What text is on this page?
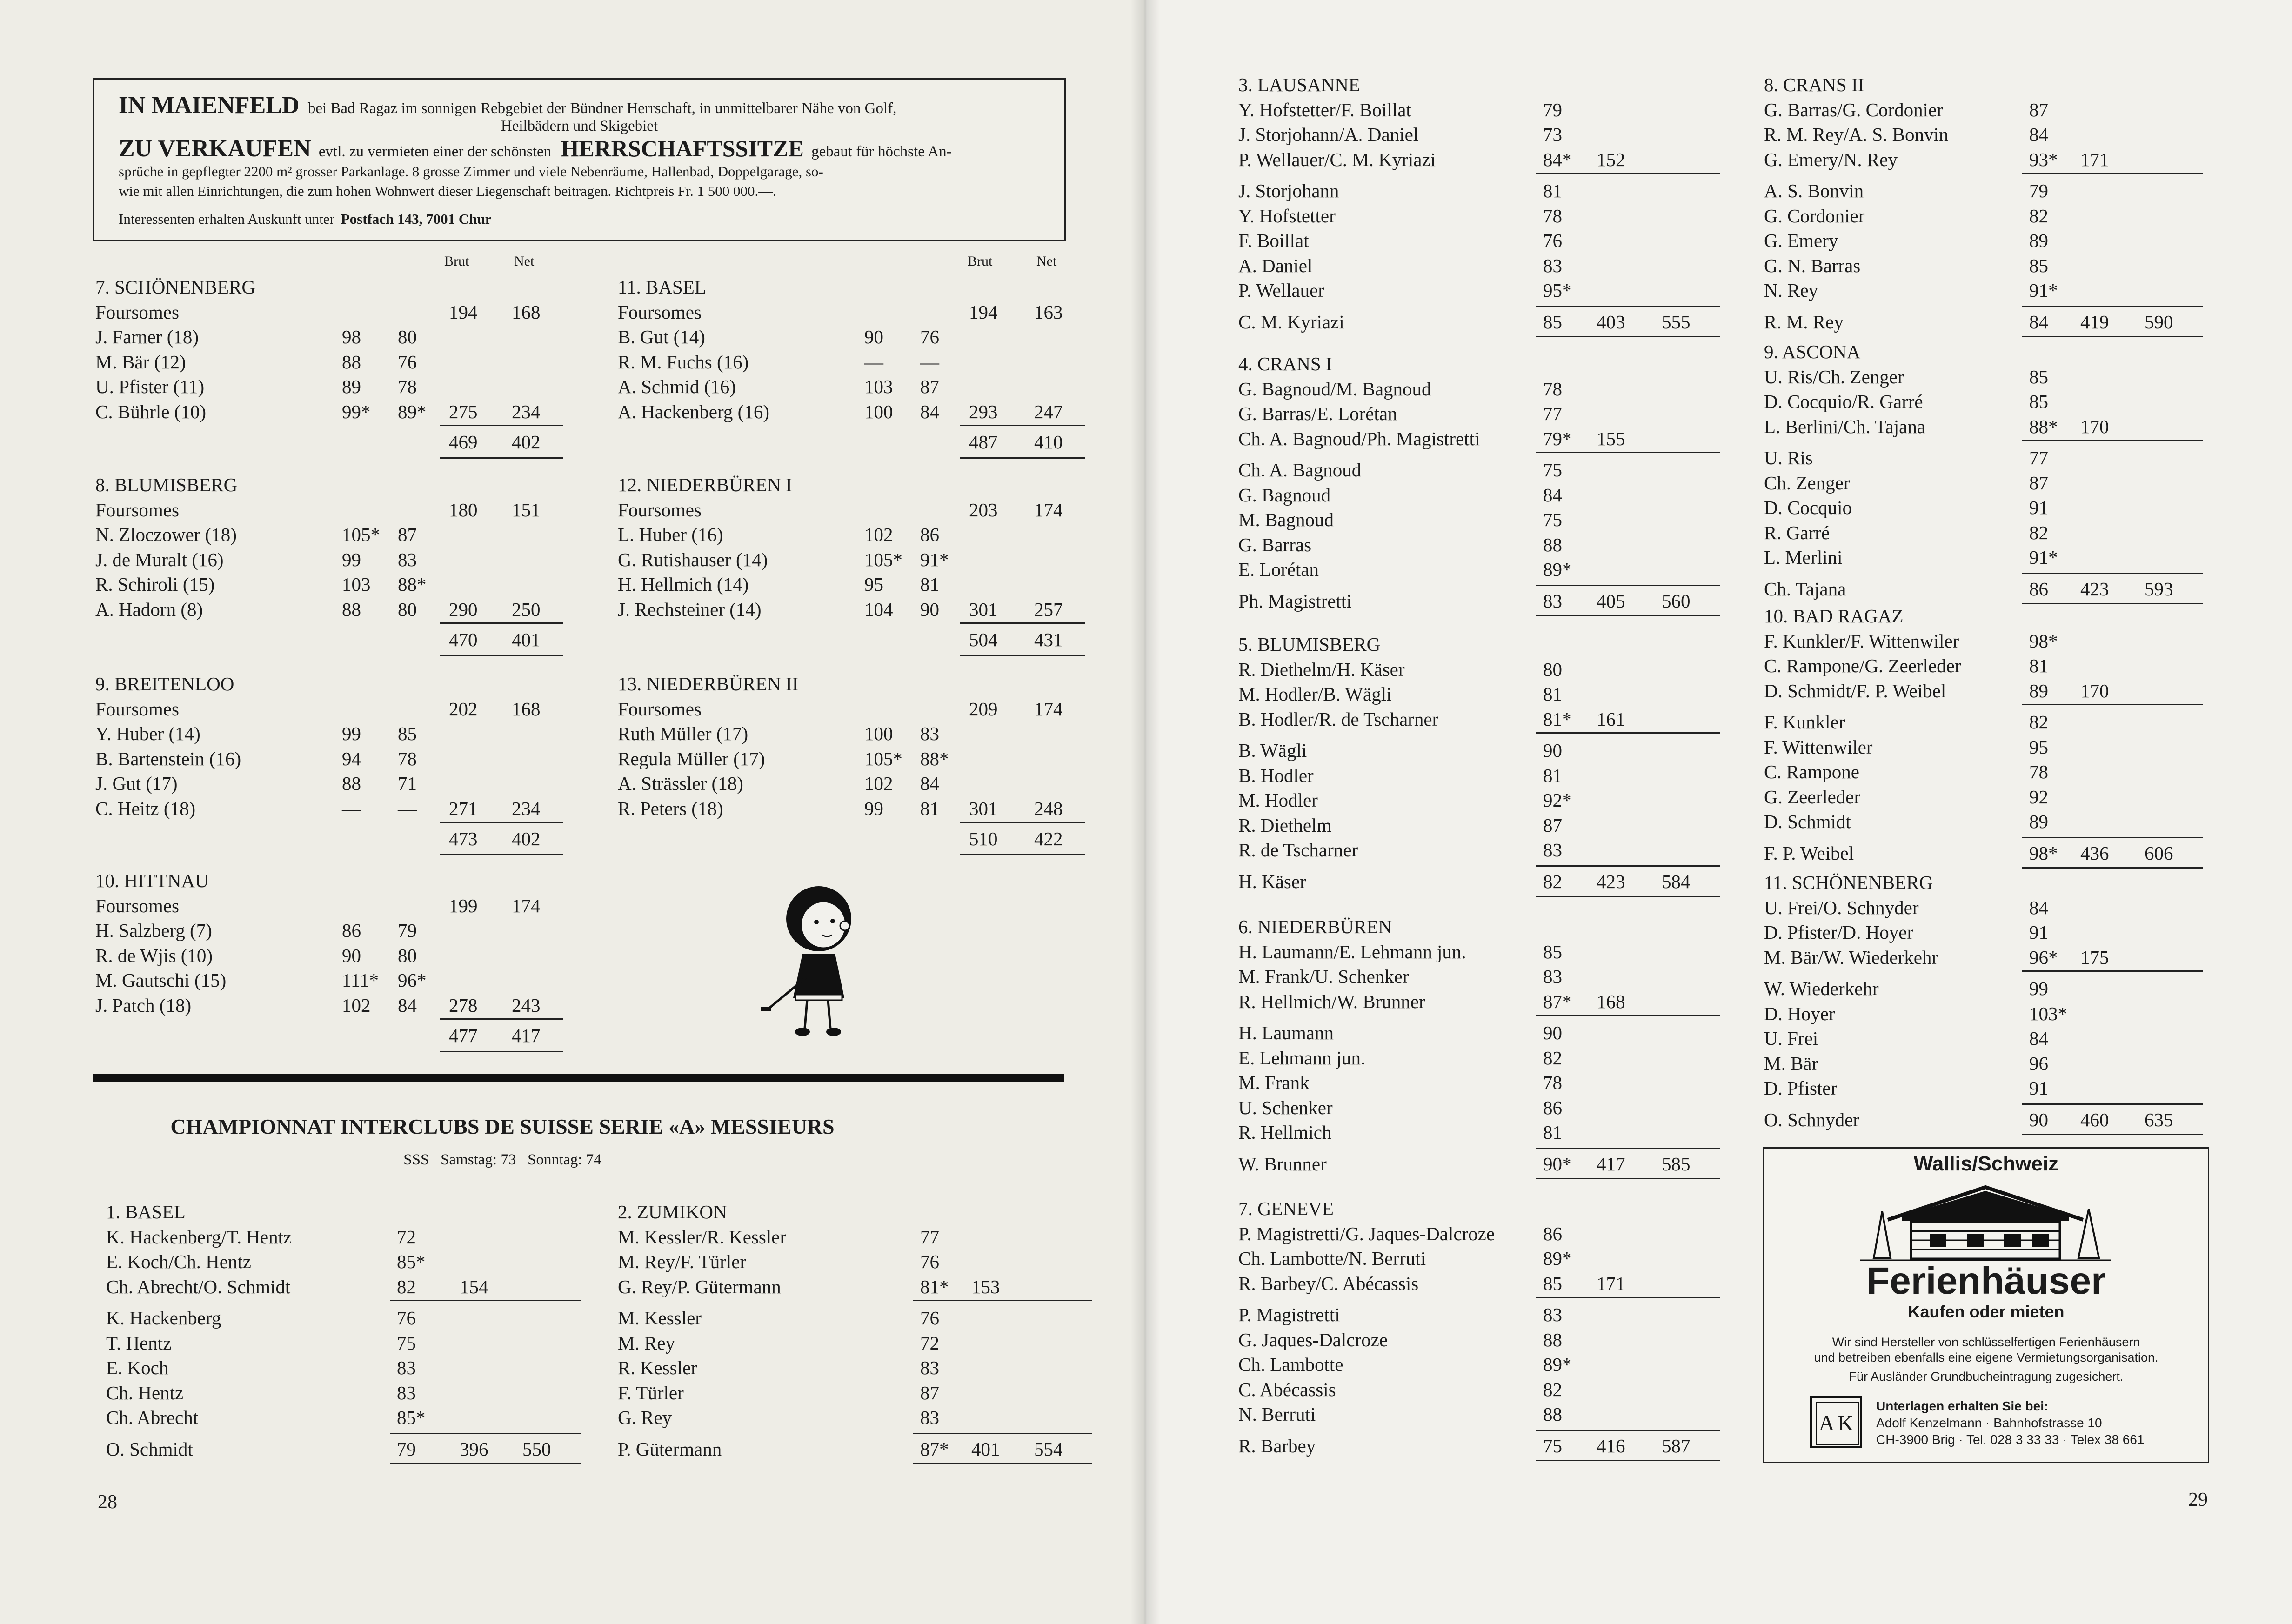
IN MAIENFELD bei Bad Ragaz im sonnigen Rebgebiet der Bündner Herrschaft, in unmittelbarer Nähe von Golf,
Heilbädern und Skigebiet
ZU VERKAUFEN evtl. zu vermieten einer der schönsten HERRSCHAFTSSITZE gebaut für höchste An-
sprüche in gepflegter 2200 m² grosser Parkanlage. 8 grosse Zimmer und viele Nebenräume, Hallenbad, Doppelgarage, so-
wie mit allen Einrichtungen, die zum hohen Wohnwert dieser Liegenschaft beitragen. Richtpreis Fr. 1 500 000.—.
Interessenten erhalten Auskunft unter Postfach 143, 7001 Chur
Brut	Net	Brut	Net
7. SCHÖNENBERG
Foursomes	194 168
J. Farner (18)	98 80
M. Bär (12)	88 76
U. Pfister (11)	89 78
C. Bührle (10)	99* 89* 275 234
469 402
8. BLUMISBERG
Foursomes	180 151
N. Zloczower (18)	105* 87
J. de Muralt (16)	99 83
R. Schiroli (15)	103 88*
A. Hadorn (8)	88 80 290 250
470 401
9. BREITENLOO
Foursomes	202 168
Y. Huber (14)	99 85
B. Bartenstein (16)	94 78
J. Gut (17)	88 71
C. Heitz (18)	— — 271 234
473 402
10. HITTNAU
Foursomes	199 174
H. Salzberg (7)	86 79
R. de Wjis (10)	90 80
M. Gautschi (15)	111* 96*
J. Patch (18)	102 84 278 243
477 417
11. BASEL
Foursomes	194 163
B. Gut (14)	90 76
R. M. Fuchs (16)	— —
A. Schmid (16)	103 87
A. Hackenberg (16)	100 84 293 247
487 410
12. NIEDERBÜREN I
Foursomes	203 174
L. Huber (16)	102 86
G. Rutishauser (14)	105* 91*
H. Hellmich (14)	95 81
J. Rechsteiner (14)	104 90 301 257
504 431
13. NIEDERBÜREN II
Foursomes	209 174
Ruth Müller (17)	100 83
Regula Müller (17)	105* 88*
A. Strässler (18)	102 84
R. Peters (18)	99 81 301 248
510 422
CHAMPIONNAT INTERCLUBS DE SUISSE SERIE «A» MESSIEURS
SSS   Samstag: 73   Sonntag: 74
1. BASEL
K. Hackenberg/T. Hentz	72
E. Koch/Ch. Hentz	85*
Ch. Abrecht/O. Schmidt	82 154
K. Hackenberg	76
T. Hentz	75
E. Koch	83
Ch. Hentz	83
Ch. Abrecht	85*
O. Schmidt	79 396 550
2. ZUMIKON
M. Kessler/R. Kessler	77
M. Rey/F. Türler	76
G. Rey/P. Gütermann	81* 153
M. Kessler	76
M. Rey	72
R. Kessler	83
F. Türler	87
G. Rey	83
P. Gütermann	87* 401 554
28
3. LAUSANNE
Y. Hofstetter/F. Boillat	79
J. Storjohann/A. Daniel	73
P. Wellauer/C. M. Kyriazi	84* 152
J. Storjohann	81
Y. Hofstetter	78
F. Boillat	76
A. Daniel	83
P. Wellauer	95*
C. M. Kyriazi	85 403 555
4. CRANS I
G. Bagnoud/M. Bagnoud	78
G. Barras/E. Lorétan	77
Ch. A. Bagnoud/Ph. Magistretti	79* 155
Ch. A. Bagnoud	75
G. Bagnoud	84
M. Bagnoud	75
G. Barras	88
E. Lorétan	89*
Ph. Magistretti	83 405 560
5. BLUMISBERG
R. Diethelm/H. Käser	80
M. Hodler/B. Wägli	81
B. Hodler/R. de Tscharner	81* 161
B. Wägli	90
B. Hodler	81
M. Hodler	92*
R. Diethelm	87
R. de Tscharner	83
H. Käser	82 423 584
6. NIEDERBÜREN
H. Laumann/E. Lehmann jun.	85
M. Frank/U. Schenker	83
R. Hellmich/W. Brunner	87* 168
H. Laumann	90
E. Lehmann jun.	82
M. Frank	78
U. Schenker	86
R. Hellmich	81
W. Brunner	90* 417 585
7. GENEVE
P. Magistretti/G. Jaques-Dalcroze	86
Ch. Lambotte/N. Berruti	89*
R. Barbey/C. Abécassis	85 171
P. Magistretti	83
G. Jaques-Dalcroze	88
Ch. Lambotte	89*
C. Abécassis	82
N. Berruti	88
R. Barbey	75 416 587
8. CRANS II
G. Barras/G. Cordonier	87
R. M. Rey/A. S. Bonvin	84
G. Emery/N. Rey	93* 171
A. S. Bonvin	79
G. Cordonier	82
G. Emery	89
G. N. Barras	85
N. Rey	91*
R. M. Rey	84 419 590
9. ASCONA
U. Ris/Ch. Zenger	85
D. Cocquio/R. Garré	85
L. Berlini/Ch. Tajana	88* 170
U. Ris	77
Ch. Zenger	87
D. Cocquio	91
R. Garré	82
L. Merlini	91*
Ch. Tajana	86 423 593
10. BAD RAGAZ
F. Kunkler/F. Wittenwiler	98*
C. Rampone/G. Zeerleder	81
D. Schmidt/F. P. Weibel	89 170
F. Kunkler	82
F. Wittenwiler	95
C. Rampone	78
G. Zeerleder	92
D. Schmidt	89
F. P. Weibel	98* 436 606
11. SCHÖNENBERG
U. Frei/O. Schnyder	84
D. Pfister/D. Hoyer	91
M. Bär/W. Wiederkehr	96* 175
W. Wiederkehr	99
D. Hoyer	103*
U. Frei	84
M. Bär	96
D. Pfister	91
O. Schnyder	90 460 635
Wallis/Schweiz
Ferienhäuser
Kaufen oder mieten
Wir sind Hersteller von schlüsselfertigen Ferienhäusern
und betreiben ebenfalls eine eigene Vermietungsorganisation.
Für Ausländer Grundbucheintragung zugesichert.
AK
Unterlagen erhalten Sie bei:
Adolf Kenzelmann · Bahnhofstrasse 10
CH-3900 Brig · Tel. 028 3 33 33 · Telex 38 661
29
